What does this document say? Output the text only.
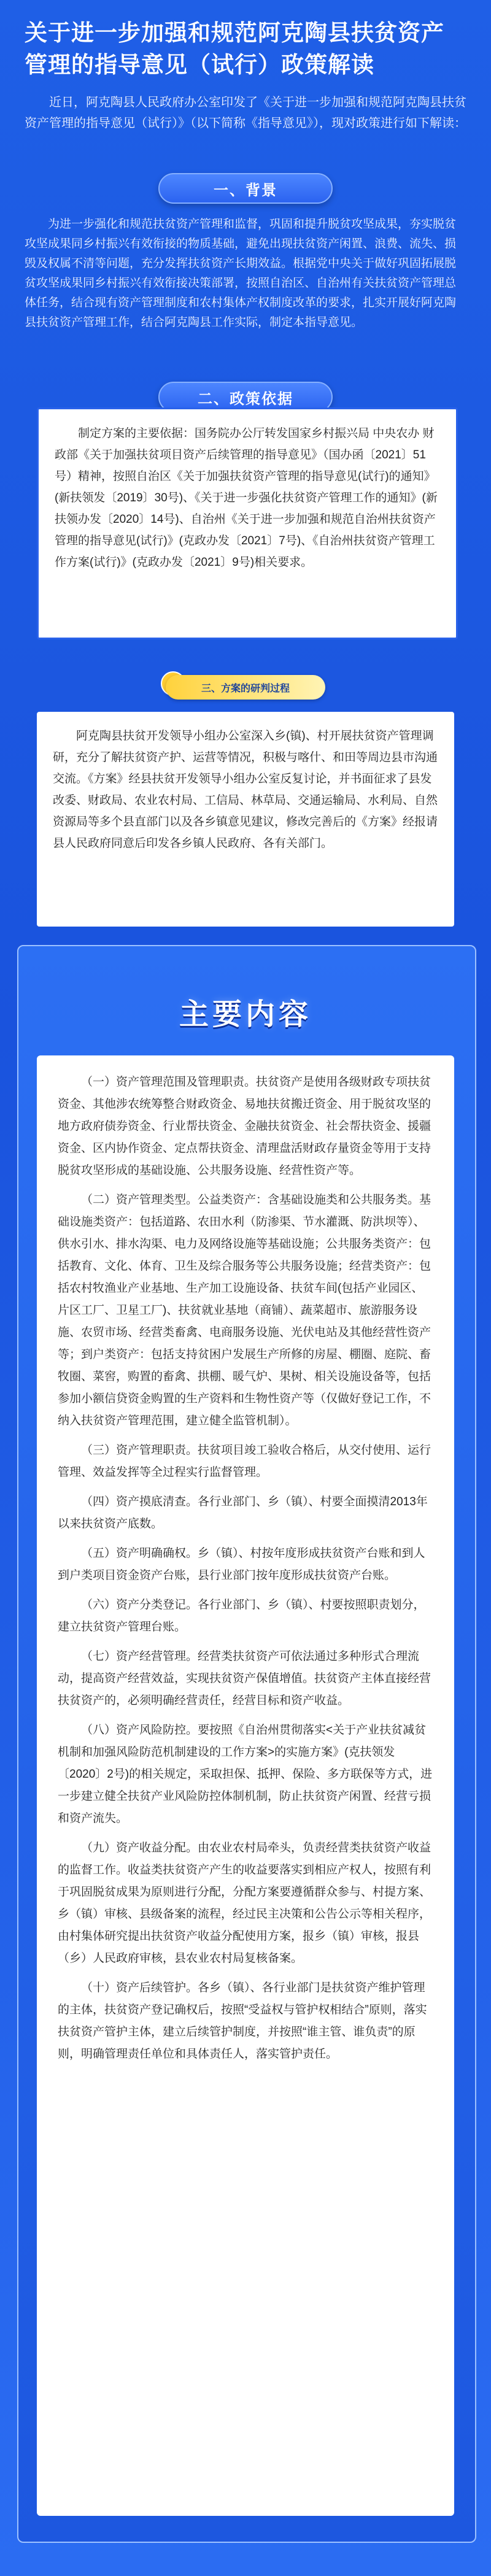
关于进一步加强和规范阿克陶县扶贫资产管理的指导意见（试行）政策解读

近日，阿克陶县人民政府办公室印发了《关于进一步加强和规范阿克陶县扶贫资产管理的指导意见（试行）》（以下简称《指导意见》），现对政策进行如下解读：

一、背景

为进一步强化和规范扶贫资产管理和监督，巩固和提升脱贫攻坚成果，夯实脱贫攻坚成果同乡村振兴有效衔接的物质基础，避免出现扶贫资产闲置、浪费、流失、损毁及权属不清等问题，充分发挥扶贫资产长期效益。根据党中央关于做好巩固拓展脱贫攻坚成果同乡村振兴有效衔接决策部署，按照自治区、自治州有关扶贫资产管理总体任务，结合现有资产管理制度和农村集体产权制度改革的要求，扎实开展好阿克陶县扶贫资产管理工作，结合阿克陶县工作实际，制定本指导意见。

二、政策依据

制定方案的主要依据：国务院办公厅转发国家乡村振兴局 中央农办 财政部《关于加强扶贫项目资产后续管理的指导意见》（国办函〔2021〕51号）精神，按照自治区《关于加强扶贫资产管理的指导意见(试行)的通知》(新扶领发〔2019〕30号)、《关于进一步强化扶贫资产管理工作的通知》(新扶领办发〔2020〕14号)、自治州《关于进一步加强和规范自治州扶贫资产管理的指导意见(试行)》(克政办发〔2021〕7号)、《自治州扶贫资产管理工作方案(试行)》(克政办发〔2021〕9号)相关要求。

三、方案的研判过程

阿克陶县扶贫开发领导小组办公室深入乡(镇)、村开展扶贫资产管理调研，充分了解扶贫资产护、运营等情况，积极与喀什、和田等周边县市沟通交流。《方案》经县扶贫开发领导小组办公室反复讨论，并书面征求了县发改委、财政局、农业农村局、工信局、林草局、交通运输局、水利局、自然资源局等多个县直部门以及各乡镇意见建议，修改完善后的《方案》经报请县人民政府同意后印发各乡镇人民政府、各有关部门。

主要内容

（一）资产管理范围及管理职责。扶贫资产是使用各级财政专项扶贫资金、其他涉农统筹整合财政资金、易地扶贫搬迁资金、用于脱贫攻坚的地方政府债券资金、行业帮扶资金、金融扶贫资金、社会帮扶资金、援疆资金、区内协作资金、定点帮扶资金、清理盘活财政存量资金等用于支持脱贫攻坚形成的基础设施、公共服务设施、经营性资产等。

（二）资产管理类型。公益类资产：含基础设施类和公共服务类。基础设施类资产：包括道路、农田水利（防渗渠、节水灌溉、防洪坝等）、供水引水、排水沟渠、电力及网络设施等基础设施；公共服务类资产：包括教育、文化、体育、卫生及综合服务等公共服务设施；经营类资产：包括农村牧渔业产业基地、生产加工设施设备、扶贫车间(包括产业园区、片区工厂、卫星工厂)、扶贫就业基地（商铺）、蔬菜超市、旅游服务设施、农贸市场、经营类畜禽、电商服务设施、光伏电站及其他经营性资产等；到户类资产：包括支持贫困户发展生产所修的房屋、棚圈、庭院、畜牧圈、菜窖，购置的畜禽、拱棚、暖气炉、果树、相关设施设备等，包括参加小额信贷资金购置的生产资料和生物性资产等（仅做好登记工作，不纳入扶贫资产管理范围，建立健全监管机制）。

（三）资产管理职责。扶贫项目竣工验收合格后，从交付使用、运行管理、效益发挥等全过程实行监督管理。

（四）资产摸底清查。各行业部门、乡（镇）、村要全面摸清2013年以来扶贫资产底数。

（五）资产明确确权。乡（镇）、村按年度形成扶贫资产台账和到人到户类项目资金资产台账，县行业部门按年度形成扶贫资产台账。

（六）资产分类登记。各行业部门、乡（镇）、村要按照职责划分，建立扶贫资产管理台账。

（七）资产经营管理。经营类扶贫资产可依法通过多种形式合理流动，提高资产经营效益，实现扶贫资产保值增值。扶贫资产主体直接经营扶贫资产的，必须明确经营责任，经营目标和资产收益。

（八）资产风险防控。要按照《自治州贯彻落实<关于产业扶贫减贫机制和加强风险防范机制建设的工作方案>的实施方案》(克扶领发〔2020〕2号)的相关规定，采取担保、抵押、保险、多方联保等方式，进一步建立健全扶贫产业风险防控体制机制，防止扶贫资产闲置、经营亏损和资产流失。

（九）资产收益分配。由农业农村局牵头，负责经营类扶贫资产收益的监督工作。收益类扶贫资产产生的收益要落实到相应产权人，按照有利于巩固脱贫成果为原则进行分配，分配方案要遵循群众参与、村提方案、乡（镇）审核、县级备案的流程，经过民主决策和公告公示等相关程序，由村集体研究提出扶贫资产收益分配使用方案，报乡（镇）审核，报县（乡）人民政府审核，县农业农村局复核备案。

（十）资产后续管护。各乡（镇）、各行业部门是扶贫资产维护管理的主体，扶贫资产登记确权后，按照“受益权与管护权相结合”原则，落实扶贫资产管护主体，建立后续管护制度，并按照“谁主管、谁负责”的原则，明确管理责任单位和具体责任人，落实管护责任。
